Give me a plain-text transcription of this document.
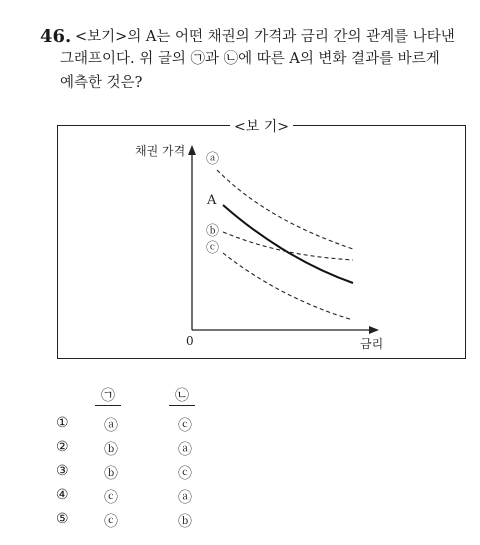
46. <보기>의 A는 어떤 채권의 가격과 금리 간의 관계를 나타낸
그래프이다. 위 글의 ㉠과 ㉡에 따른 A의 변화 결과를 바르게
예측한 것은?
<보 기>
채권 가격
금리
0
ⓐ
A
ⓑ
ⓒ
㉠	㉡
①	ⓐ	ⓒ
②	ⓑ	ⓐ
③	ⓑ	ⓒ
④	ⓒ	ⓐ
⑤	ⓒ	ⓑ
